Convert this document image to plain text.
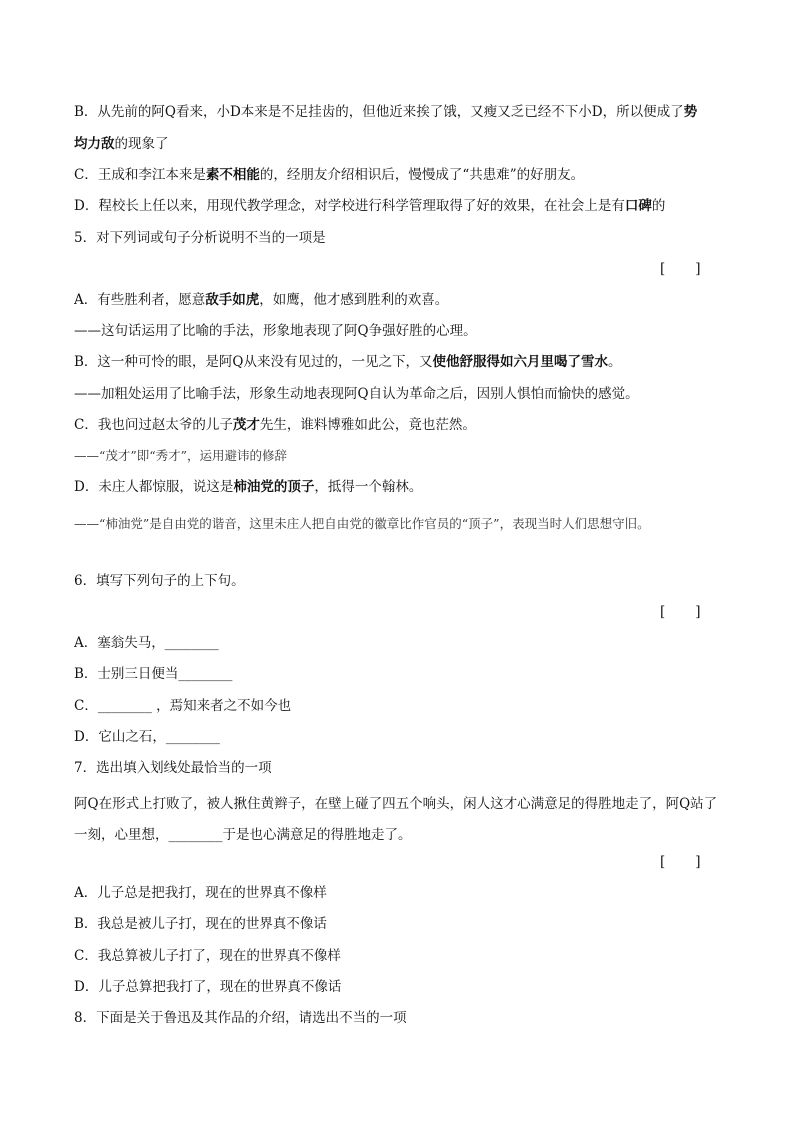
B．从先前的阿Q看来，小D本来是不足挂齿的，但他近来挨了饿，又瘦又乏已经不下小D，所以便成了势
均力敌的现象了
C．王成和李江本来是素不相能的，经朋友介绍相识后，慢慢成了“共患难”的好朋友。
D．程校长上任以来，用现代教学理念，对学校进行科学管理取得了好的效果，在社会上是有口碑的
5．对下列词或句子分析说明不当的一项是
[       ]
A．有些胜利者，愿意敌手如虎，如鹰，他才感到胜利的欢喜。
——这句话运用了比喻的手法，形象地表现了阿Q争强好胜的心理。
B．这一种可怜的眼，是阿Q从来没有见过的，一见之下，又使他舒服得如六月里喝了雪水。
——加粗处运用了比喻手法，形象生动地表现阿Q自认为革命之后，因别人惧怕而愉快的感觉。
C．我也问过赵太爷的儿子茂才先生，谁料博雅如此公，竟也茫然。
——“茂才”即“秀才”，运用避讳的修辞
D．未庄人都惊服，说这是柿油党的顶子，抵得一个翰林。
——“柿油党”是自由党的谐音，这里未庄人把自由党的徽章比作官员的“顶子”，表现当时人们思想守旧。
6．填写下列句子的上下句。
[       ]
A．塞翁失马，________
B．士别三日便当________
C．________ ，焉知来者之不如今也
D．它山之石，________
7．选出填入划线处最恰当的一项
阿Q在形式上打败了，被人揪住黄辫子，在壁上碰了四五个响头，闲人这才心满意足的得胜地走了，阿Q站了一刻，心里想，________于是也心满意足的得胜地走了。
[       ]
A．儿子总是把我打，现在的世界真不像样
B．我总是被儿子打，现在的世界真不像话
C．我总算被儿子打了，现在的世界真不像样
D．儿子总算把我打了，现在的世界真不像话
8．下面是关于鲁迅及其作品的介绍，请选出不当的一项
